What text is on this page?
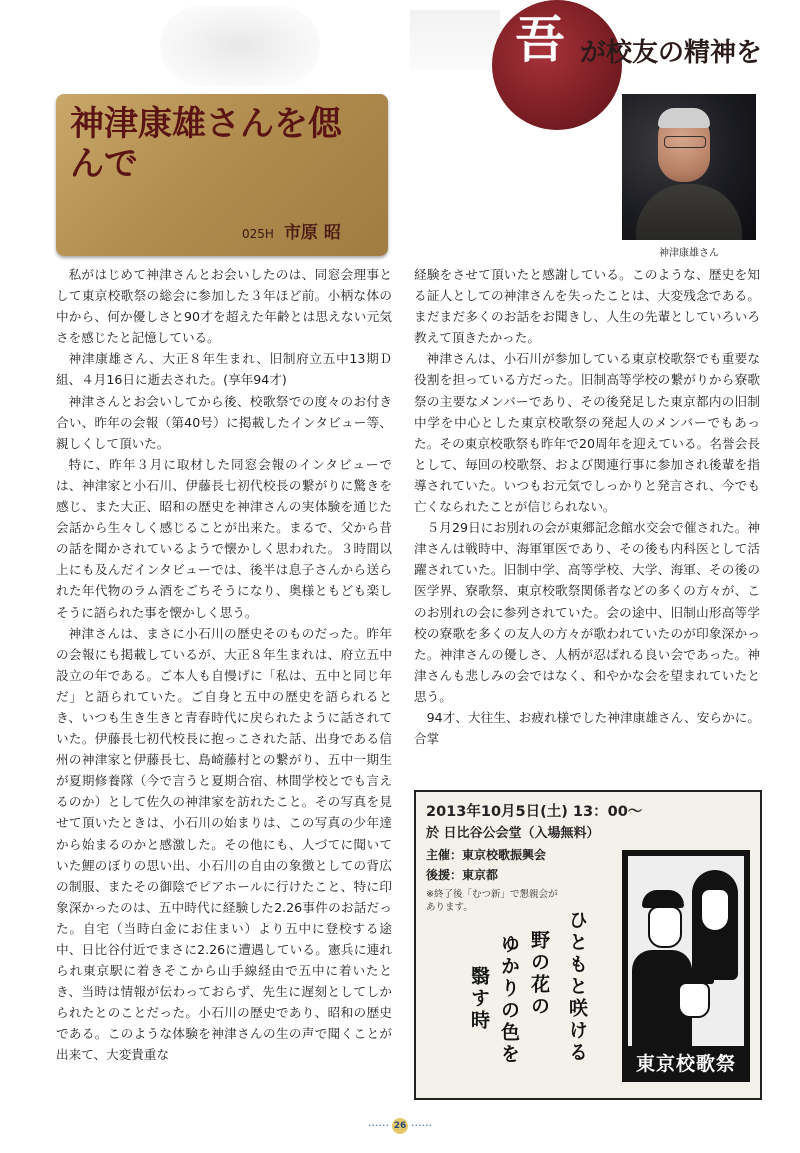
吾 が校友の精神を
神津康雄さんを偲んで
025H 市原 昭
神津康雄さん

私がはじめて神津さんとお会いしたのは、同窓会理事として東京校歌祭の総会に参加した３年ほど前。小柄な体の中から、何か優しさと90才を超えた年齢とは思えない元気さを感じたと記憶している。

神津康雄さん、大正８年生まれ、旧制府立五中13期Ｄ組、４月16日に逝去された。(享年94才)

神津さんとお会いしてから後、校歌祭での度々のお付き合い、昨年の会報（第40号）に掲載したインタビュー等、親しくして頂いた。

特に、昨年３月に取材した同窓会報のインタビューでは、神津家と小石川、伊藤長七初代校長の繋がりに驚きを感じ、また大正、昭和の歴史を神津さんの実体験を通じた会話から生々しく感じることが出来た。まるで、父から昔の話を聞かされているようで懐かしく思われた。３時間以上にも及んだインタビューでは、後半は息子さんから送られた年代物のラム酒をごちそうになり、奥様ともども楽しそうに語られた事を懐かしく思う。

神津さんは、まさに小石川の歴史そのものだった。昨年の会報にも掲載しているが、大正８年生まれは、府立五中設立の年である。ご本人も自慢げに「私は、五中と同じ年だ」と語られていた。ご自身と五中の歴史を語られるとき、いつも生き生きと青春時代に戻られたように話されていた。伊藤長七初代校長に抱っこされた話、出身である信州の神津家と伊藤長七、島崎藤村との繋がり、五中一期生が夏期修養隊（今で言うと夏期合宿、林間学校とでも言えるのか）として佐久の神津家を訪れたこと。その写真を見せて頂いたときは、小石川の始まりは、この写真の少年達から始まるのかと感激した。その他にも、人づてに聞いていた鯉のぼりの思い出、小石川の自由の象徴としての背広の制服、またその御陰でピアホールに行けたこと、特に印象深かったのは、五中時代に経験した2.26事件のお話だった。自宅（当時白金にお住まい）より五中に登校する途中、日比谷付近でまさに2.26に遭遇している。憲兵に連れられ東京駅に着きそこから山手線経由で五中に着いたとき、当時は情報が伝わっておらず、先生に遅刻としてしかられたとのことだった。小石川の歴史であり、昭和の歴史である。このような体験を神津さんの生の声で聞くことが出来て、大変貴重な

経験をさせて頂いたと感謝している。このような、歴史を知る証人としての神津さんを失ったことは、大変残念である。まだまだ多くのお話をお聞きし、人生の先輩としていろいろ教えて頂きたかった。

神津さんは、小石川が参加している東京校歌祭でも重要な役割を担っている方だった。旧制高等学校の繋がりから寮歌祭の主要なメンバーであり、その後発足した東京都内の旧制中学を中心とした東京校歌祭の発起人のメンバーでもあった。その東京校歌祭も昨年で20周年を迎えている。名誉会長として、毎回の校歌祭、および関連行事に参加され後輩を指導されていた。いつもお元気でしっかりと発言され、今でも亡くなられたことが信じられない。

５月29日にお別れの会が東郷記念館水交会で催された。神津さんは戦時中、海軍軍医であり、その後も内科医として活躍されていた。旧制中学、高等学校、大学、海軍、その後の医学界、寮歌祭、東京校歌祭関係者などの多くの方々が、このお別れの会に参列されていた。会の途中、旧制山形高等学校の寮歌を多くの友人の方々が歌われていたのが印象深かった。神津さんの優しさ、人柄が忍ばれる良い会であった。神津さんも悲しみの会ではなく、和やかな会を望まれていたと思う。

94才、大往生、お疲れ様でした神津康雄さん、安らかに。合掌

2013年10月5日(土) 13：00～
於 日比谷公会堂（入場無料）
主催：東京校歌振興会
後援：東京都
※終了後「むつ新」で懇親会があります。
ひともと咲ける
野の花の
ゆかりの色を
翳す時
東京校歌祭
······ 26 ······
